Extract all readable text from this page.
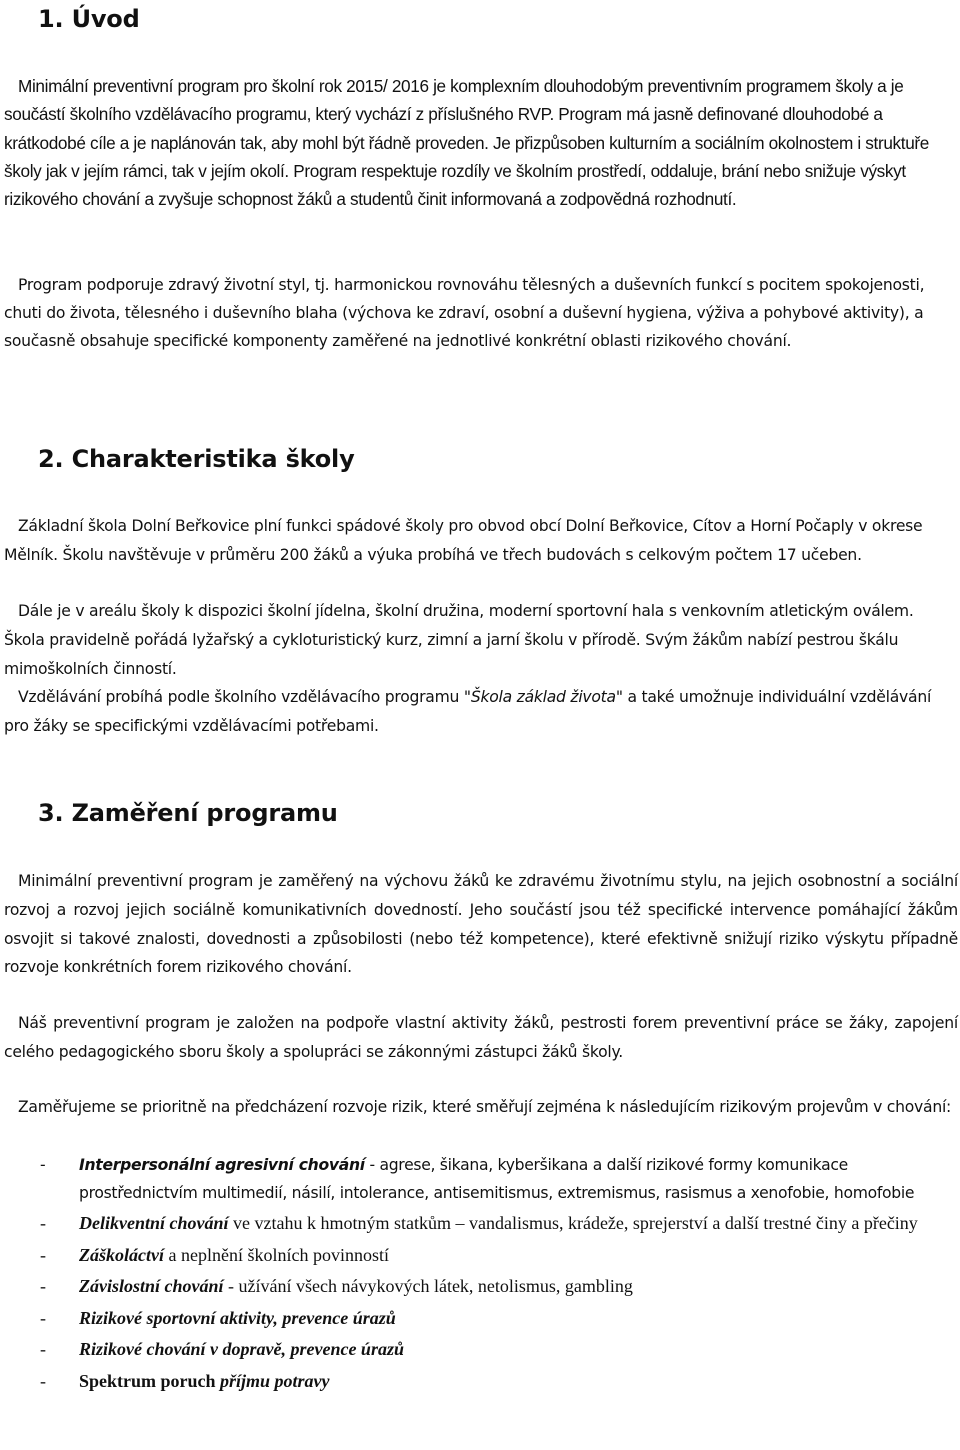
1. Úvod

Minimální preventivní program pro školní rok 2015/ 2016 je komplexním dlouhodobým preventivním programem školy a je součástí školního vzdělávacího programu, který vychází z příslušného RVP. Program má jasně definované dlouhodobé a krátkodobé cíle a je naplánován tak, aby mohl být řádně proveden. Je přizpůsoben kulturním a sociálním okolnostem i struktuře školy jak v jejím rámci, tak v jejím okolí. Program respektuje rozdíly ve školním prostředí, oddaluje, brání nebo snižuje výskyt rizikového chování a zvyšuje schopnost žáků a studentů činit informovaná a zodpovědná rozhodnutí.

Program podporuje zdravý životní styl, tj. harmonickou rovnováhu tělesných a duševních funkcí s pocitem spokojenosti, chuti do života, tělesného i duševního blaha (výchova ke zdraví, osobní a duševní hygiena, výživa a pohybové aktivity), a současně obsahuje specifické komponenty zaměřené na jednotlivé konkrétní oblasti rizikového chování.

2. Charakteristika školy

Základní škola Dolní Beřkovice plní funkci spádové školy pro obvod obcí Dolní Beřkovice, Cítov a Horní Počaply v okrese Mělník. Školu navštěvuje v průměru 200 žáků a výuka probíhá ve třech budovách s celkovým počtem 17 učeben.

Dále je v areálu školy k dispozici školní jídelna, školní družina, moderní sportovní hala s venkovním atletickým oválem. Škola pravidelně pořádá lyžařský a cykloturistický kurz, zimní a jarní školu v přírodě. Svým žákům nabízí pestrou škálu mimoškolních činností.

Vzdělávání probíhá podle školního vzdělávacího programu "Škola základ života" a také umožnuje individuální vzdělávání pro žáky se specifickými vzdělávacími potřebami.

3. Zaměření programu

Minimální preventivní program je zaměřený na výchovu žáků ke zdravému životnímu stylu, na jejich osobnostní a sociální rozvoj a rozvoj jejich sociálně komunikativních dovedností. Jeho součástí jsou též specifické intervence pomáhající žákům osvojit si takové znalosti, dovednosti a způsobilosti (nebo též kompetence), které efektivně snižují riziko výskytu případně rozvoje konkrétních forem rizikového chování.

Náš preventivní program je založen na podpoře vlastní aktivity žáků, pestrosti forem preventivní práce se žáky, zapojení celého pedagogického sboru školy a spolupráci se zákonnými zástupci žáků školy.

Zaměřujeme se prioritně na předcházení rozvoje rizik, které směřují zejména k následujícím rizikovým projevům v chování:

- Interpersonální agresivní chování - agrese, šikana, kyberšikana a další rizikové formy komunikace prostřednictvím multimedií, násilí, intolerance, antisemitismus, extremismus, rasismus a xenofobie, homofobie
- Delikventní chování ve vztahu k hmotným statkům – vandalismus, krádeže, sprejerství a další trestné činy a přečiny
- Záškoláctví a neplnění školních povinností
- Závislostní chování - užívání všech návykových látek, netolismus, gambling
- Rizikové sportovní aktivity, prevence úrazů
- Rizikové chování v dopravě, prevence úrazů
- Spektrum poruch příjmu potravy
